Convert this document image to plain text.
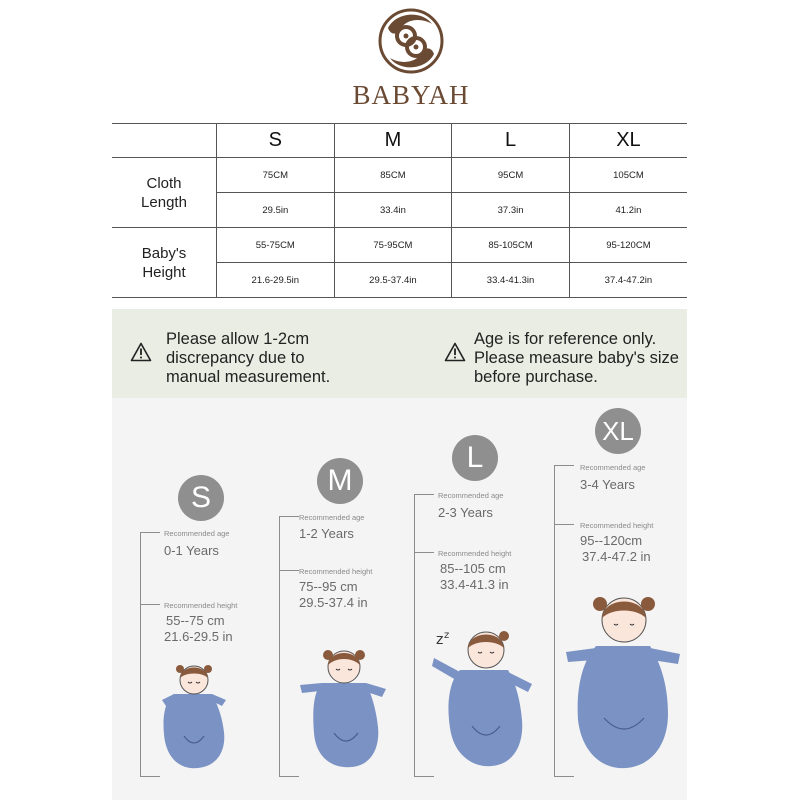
BABYAH
	S	M	L	XL

Cloth
Length	75CM	85CM	95CM	105CM
	29.5in	33.4in	37.3in	41.2in

Baby's
Height	55-75CM	75-95CM	85-105CM	95-120CM
	21.6-29.5in	29.5-37.4in	33.4-41.3in	37.4-47.2in
Please allow 1-2cm
discrepancy due to
manual measurement.
Age is for reference only.
Please measure baby's size
before purchase.
S
Recommended age
0-1 Years
Recommended height
55--75 cm
21.6-29.5 in
M
Recommended age
1-2 Years
Recommended height
75--95 cm
29.5-37.4 in
L
Recommended age
2-3 Years
Recommended height
85--105 cm
33.4-41.3 in
z z
XL
Recommended age
3-4 Years
Recommended height
95--120cm
37.4-47.2 in
